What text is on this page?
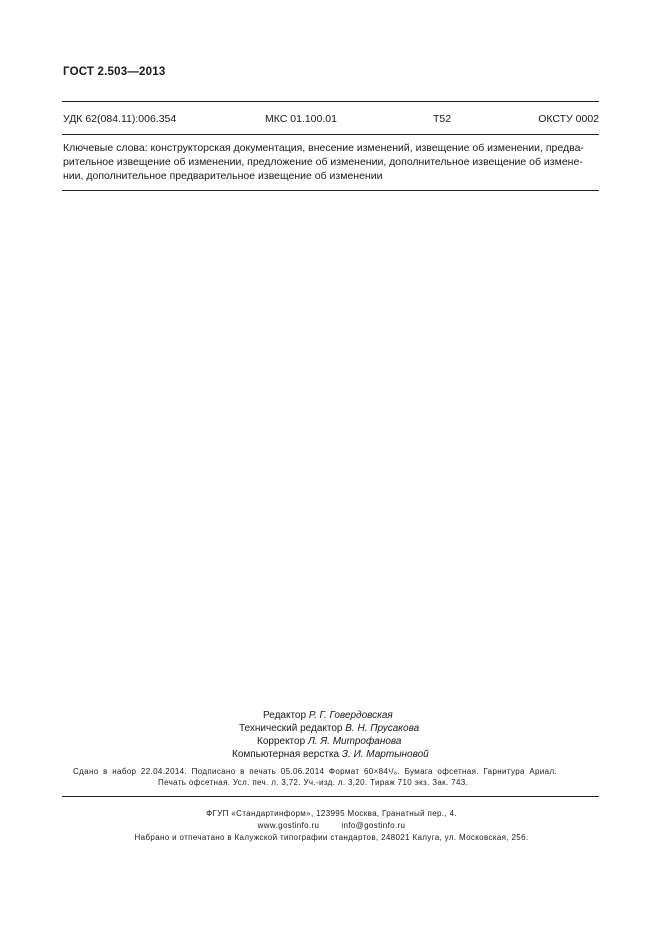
ГОСТ 2.503—2013
УДК 62(084.11):006.354	МКС 01.100.01	Т52	ОКСТУ 0002

Ключевые слова: конструкторская документация, внесение изменений, извещение об изменении, предва-

рительное извещение об изменении, предложение об изменении, дополнительное извещение об измене-

нии, дополнительное предварительное извещение об изменении

Редактор Р. Г. Говердовская

Технический редактор В. Н. Прусакова

Корректор Л. Я. Митрофанова

Компьютерная верстка З. И. Мартыновой

Сдано в набор 22.04.2014. Подписано в печать 05.06.2014 Формат 60×84¹/₈. Бумага офсетная. Гарнитура Ариал.

Печать офсетная. Усл. печ. л. 3,72. Уч.-изд. л. 3,20. Тираж 710 экз. Зак. 743.

ФГУП «Стандартинформ», 123995 Москва, Гранатный пер., 4.

www.gostinfo.ru	info@gostinfo.ru

Набрано и отпечатано в Калужской типографии стандартов, 248021 Калуга, ул. Московская, 256.
